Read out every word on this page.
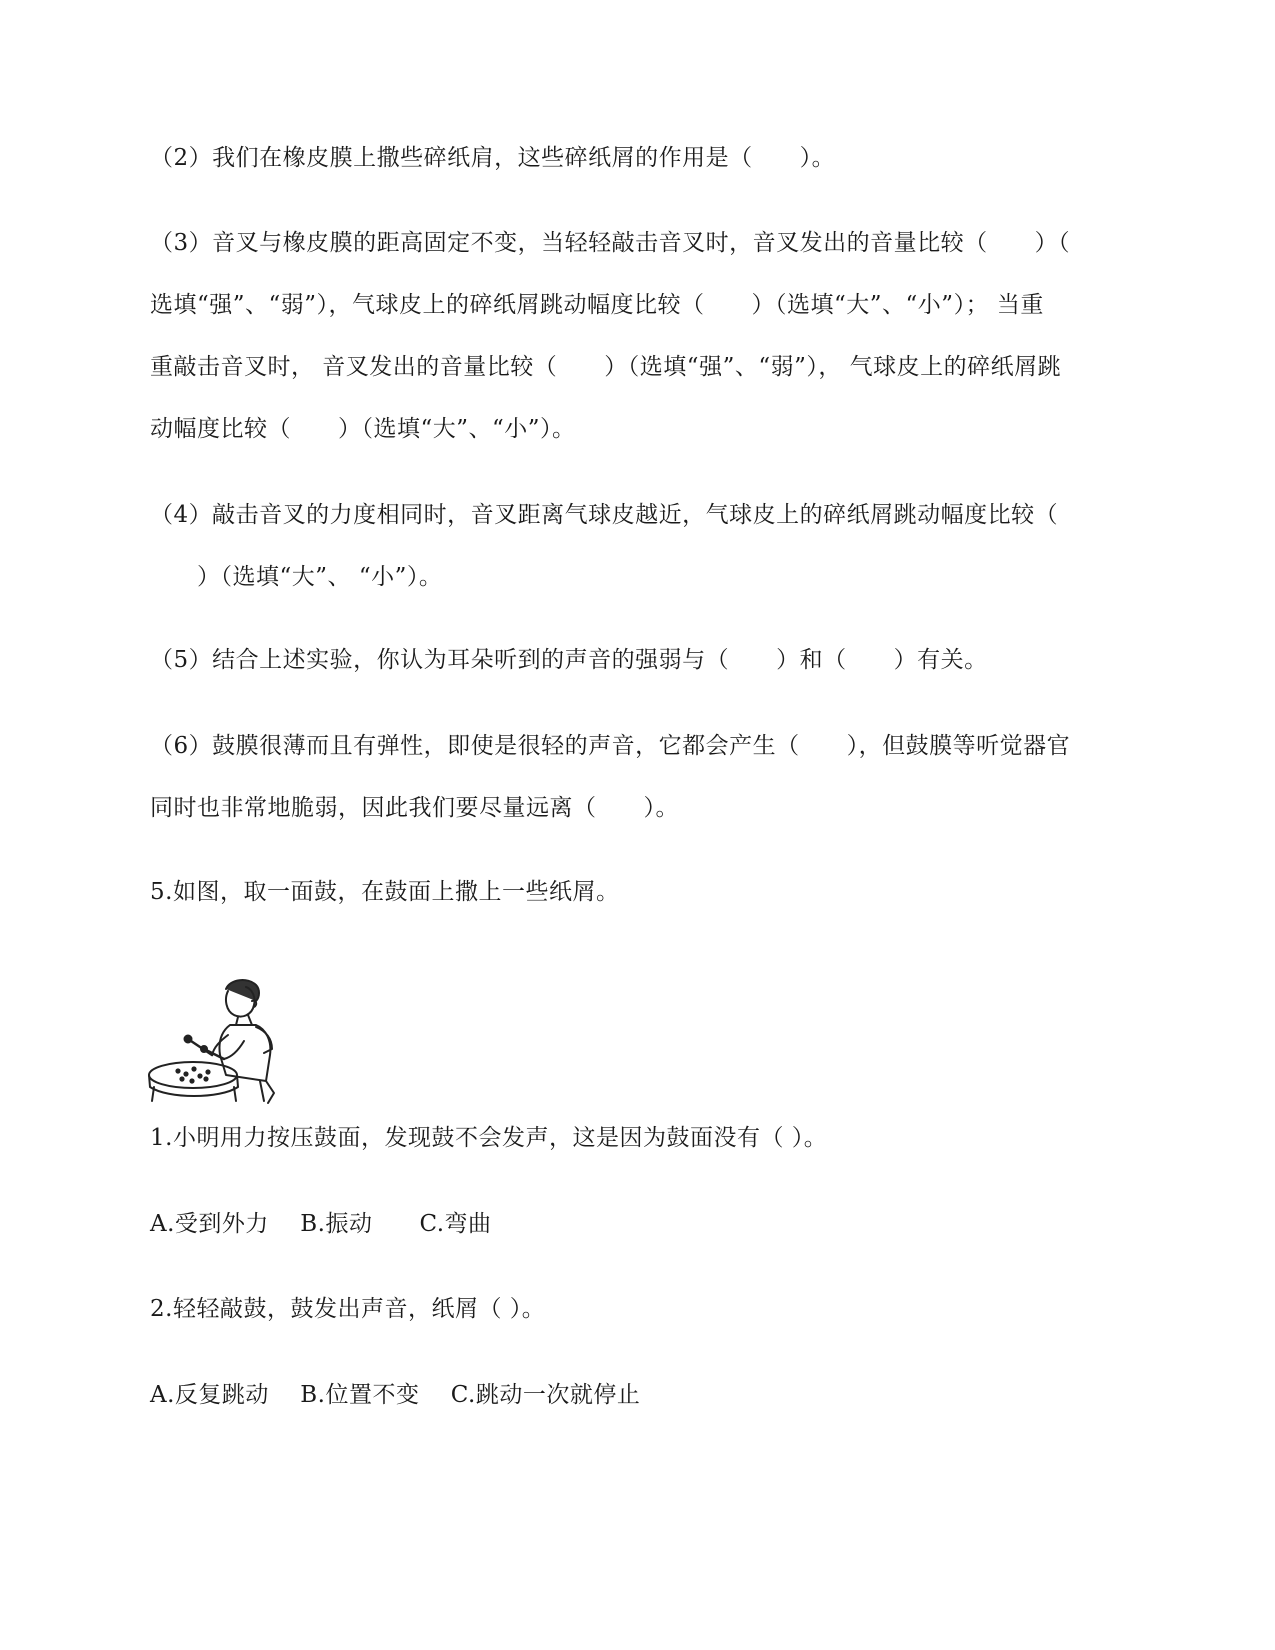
（2）我们在橡皮膜上撒些碎纸肩，这些碎纸屑的作用是（　　）。
（3）音叉与橡皮膜的距高固定不变，当轻轻敲击音叉时，音叉发出的音量比较（　　）（
选填“强”、“弱”），气球皮上的碎纸屑跳动幅度比较（　　）（选填“大”、“小”）； 当重
重敲击音叉时， 音叉发出的音量比较（　　）（选填“强”、“弱”）， 气球皮上的碎纸屑跳
动幅度比较（　　）（选填“大”、“小”）。
（4）敲击音叉的力度相同时，音叉距离气球皮越近，气球皮上的碎纸屑跳动幅度比较（
　　）（选填“大”、 “小”）。
（5）结合上述实验，你认为耳朵听到的声音的强弱与（　　）和（　　）有关。
（6）鼓膜很薄而且有弹性，即使是很轻的声音，它都会产生（　　），但鼓膜等听觉器官
同时也非常地脆弱，因此我们要尽量远离（　　）。
5.如图，取一面鼓，在鼓面上撒上一些纸屑。
1.小明用力按压鼓面，发现鼓不会发声，这是因为鼓面没有（ ）。
A.受到外力　 B.振动　　C.弯曲
2.轻轻敲鼓，鼓发出声音，纸屑（ ）。
A.反复跳动　 B.位置不变　 C.跳动一次就停止
